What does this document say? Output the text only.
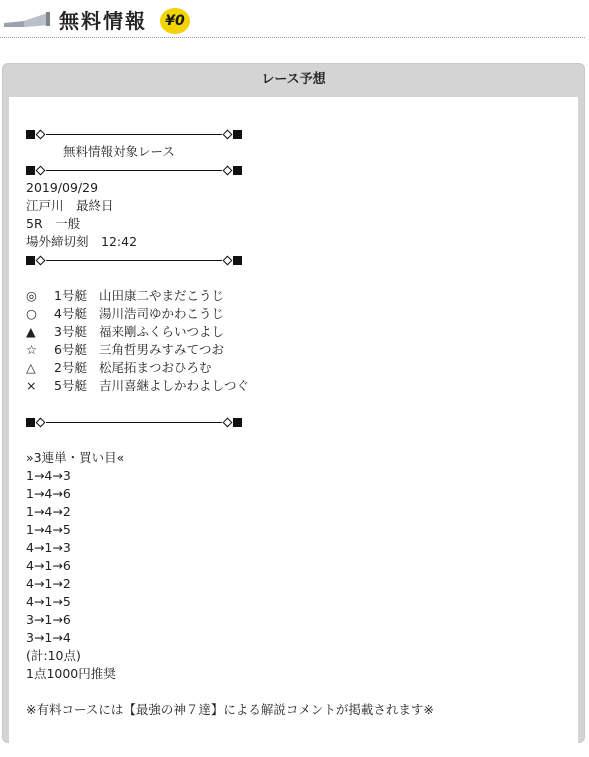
無料情報	¥0
レース予想
無料情報対象レース
2019/09/29
江戸川　最終日
5R　一般
場外締切刻　12:42
◎	1号艇 山田康二やまだこうじ
○	4号艇 湯川浩司ゆかわこうじ
▲	3号艇 福来剛ふくらいつよし
☆	6号艇 三角哲男みすみてつお
△	2号艇 松尾拓まつおひろむ
×	5号艇 吉川喜継よしかわよしつぐ
»3連単・買い目«
1→4→3
1→4→6
1→4→2
1→4→5
4→1→3
4→1→6
4→1→2
4→1→5
3→1→6
3→1→4
(計:10点)
1点1000円推奨
※有料コースには【最強の神７達】による解説コメントが掲載されます※
